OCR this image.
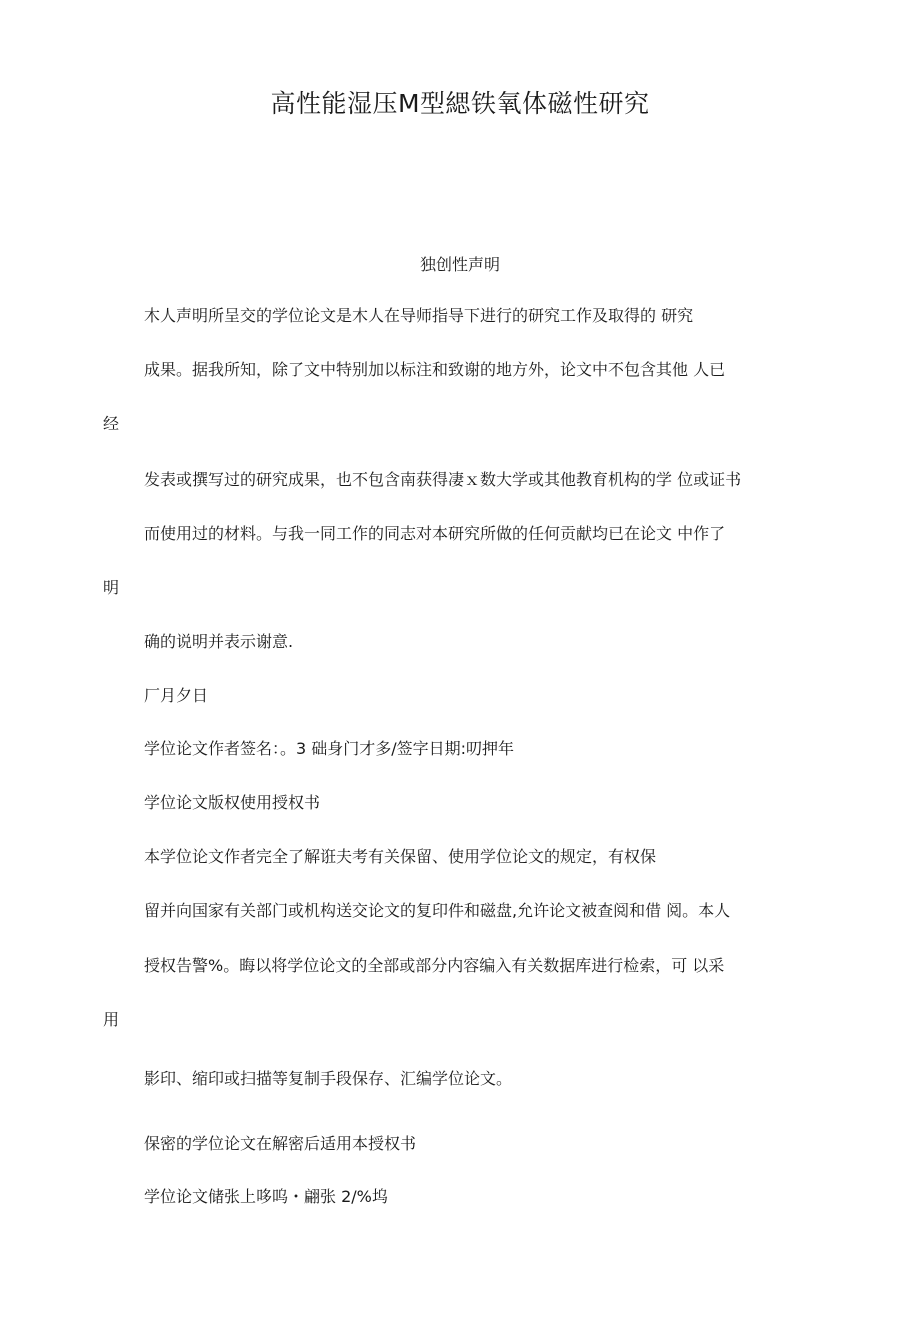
高性能湿压M型緦铁氧体磁性研究
独创性声明

木人声明所呈交的学位论文是木人在导师指导下进行的研究工作及取得的 研究

成果。据我所知，除了文中特别加以标注和致谢的地方外，论文中不包含其他 人已

经

发表或撰写过的研究成果，也不包含南获得凄ｘ数大学或其他教育机构的学 位或证书

而使用过的材料。与我一同工作的同志对本研究所做的任何贡献均已在论文 中作了

明

确的说明并表示谢意.

厂月夕日

学位论文作者签名：。3 础身门才多/签字日期:叨押年

学位论文版权使用授权书

本学位论文作者完全了解诳夫考有关保留、使用学位论文的规定，有权保

留并向国家有关部门或机构送交论文的复印件和磁盘,允许论文被查阅和借 阅。本人

授权告警%。晦以将学位论文的全部或部分内容编入有关数据库进行检索，可 以采

用

影印、缩印或扫描等复制手段保存、汇编学位论文。

保密的学位论文在解密后适用本授权书

学位论文储张上哆呜・翩张 2/%坞
